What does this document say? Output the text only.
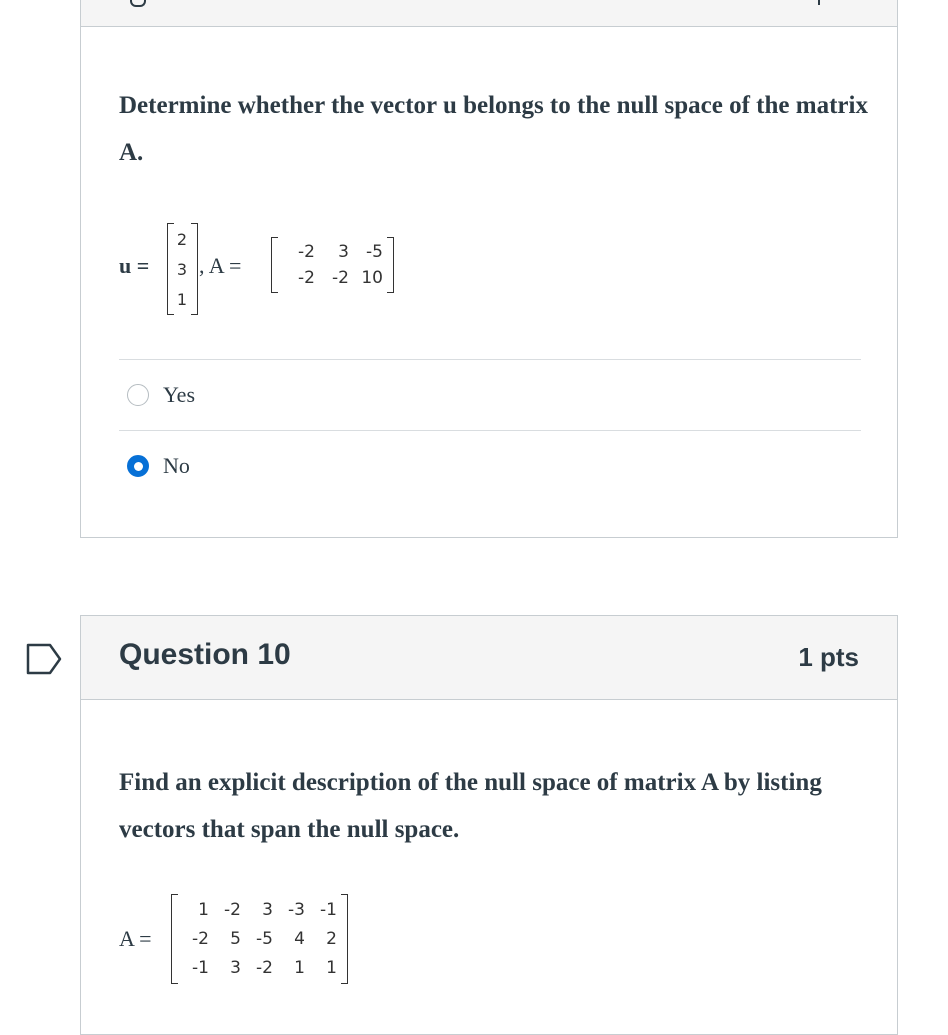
Determine whether the vector u belongs to the null space of the matrix A.
u =
2
3
1
, A =
-2	3	-5
-2	-2 10
Yes
No
Question 10	1 pts
Find an explicit description of the null space of matrix A by listing vectors that span the null space.
A =
1 -2	3 -3 -1
-2	5 -5	4	2
-1	3 -2	1	1
